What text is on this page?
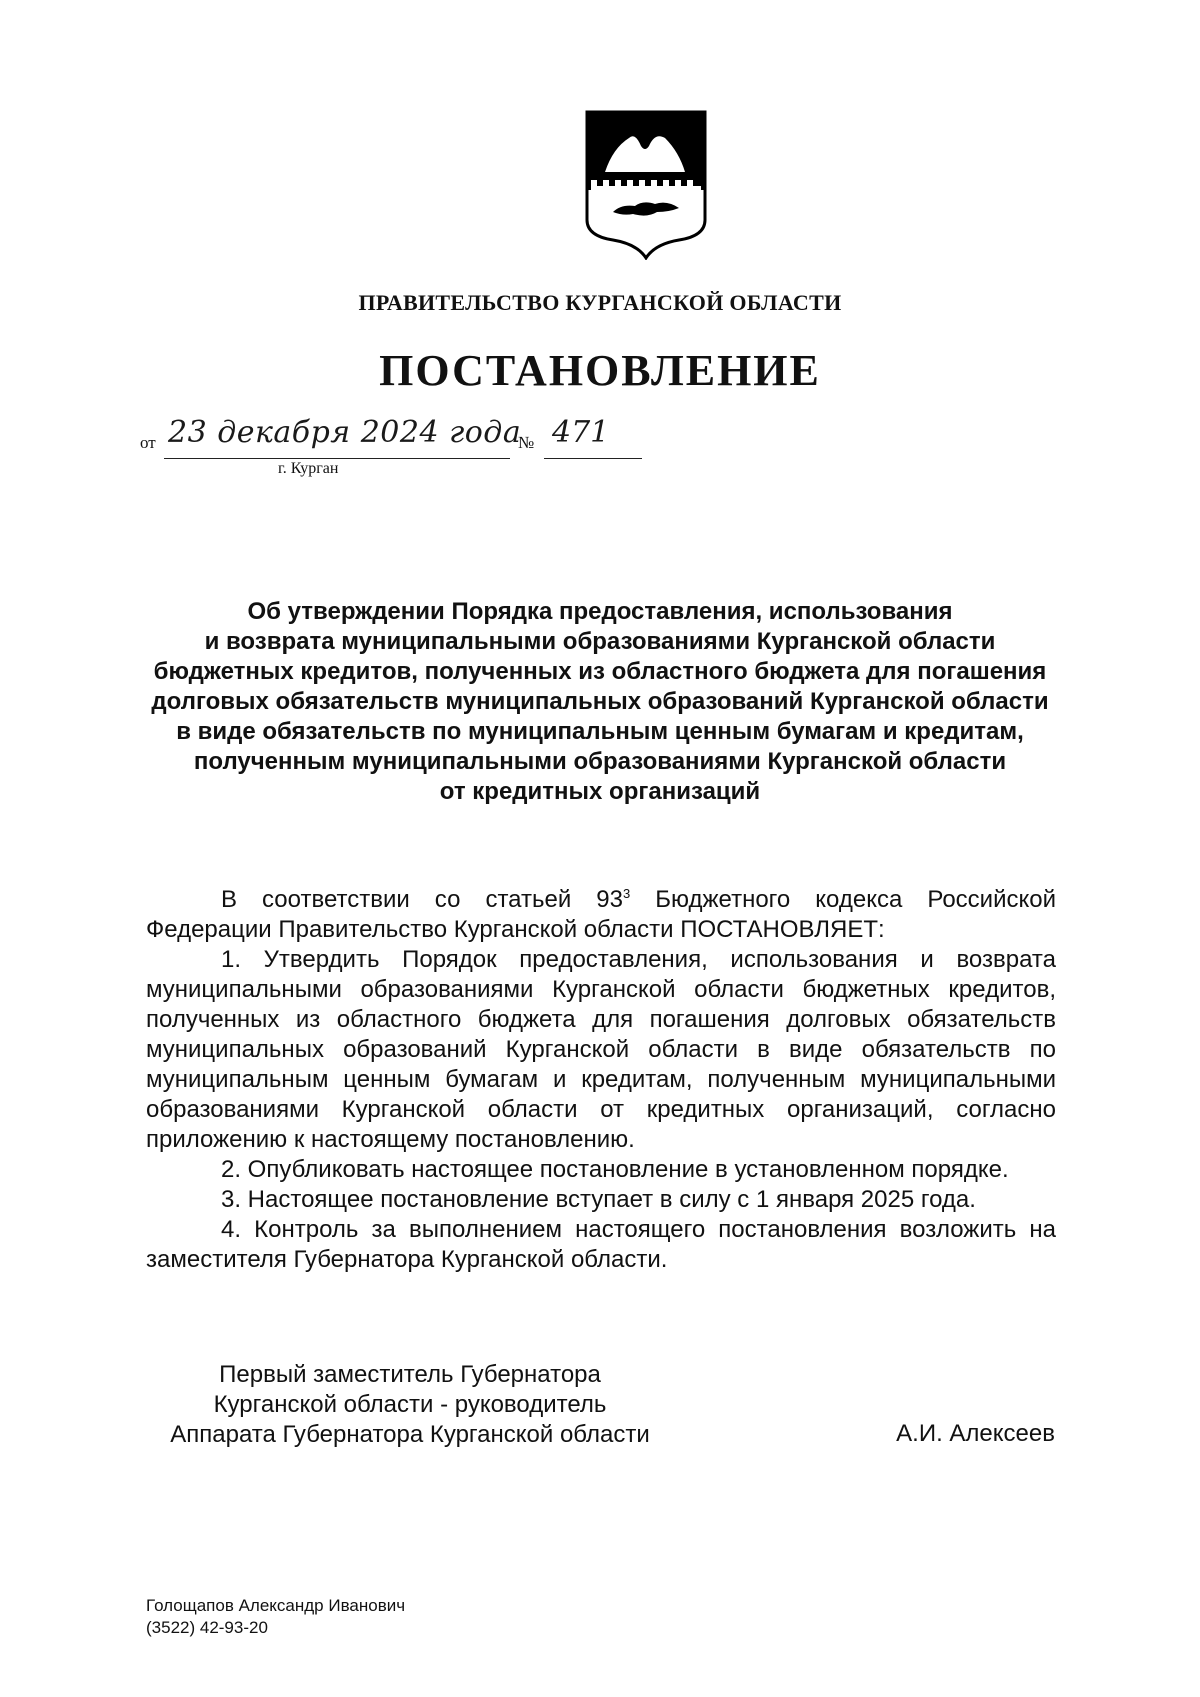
ПРАВИТЕЛЬСТВО КУРГАНСКОЙ ОБЛАСТИ
ПОСТАНОВЛЕНИЕ
от 23 декабря 2024 года
№ 471
г. Курган
Об утверждении Порядка предоставления, использования
и возврата муниципальными образованиями Курганской области
бюджетных кредитов, полученных из областного бюджета для погашения
долговых обязательств муниципальных образований Курганской области
в виде обязательств по муниципальным ценным бумагам и кредитам,
полученным муниципальными образованиями Курганской области
от кредитных организаций

В соответствии со статьей $93^3$ Бюджетного кодекса Российской Федерации Правительство Курганской области ПОСТАНОВЛЯЕТ:

1. Утвердить Порядок предоставления, использования и возврата муниципальными образованиями Курганской области бюджетных кредитов, полученных из областного бюджета для погашения долговых обязательств муниципальных образований Курганской области в виде обязательств по муниципальным ценным бумагам и кредитам, полученным муниципальными образованиями Курганской области от кредитных организаций, согласно приложению к настоящему постановлению.

2. Опубликовать настоящее постановление в установленном порядке.

3. Настоящее постановление вступает в силу с 1 января 2025 года.

4. Контроль за выполнением настоящего постановления возложить на заместителя Губернатора Курганской области.

Первый заместитель Губернатора
Курганской области - руководитель
Аппарата Губернатора Курганской области	А.И. Алексеев
Голощапов Александр Иванович
(3522) 42-93-20
